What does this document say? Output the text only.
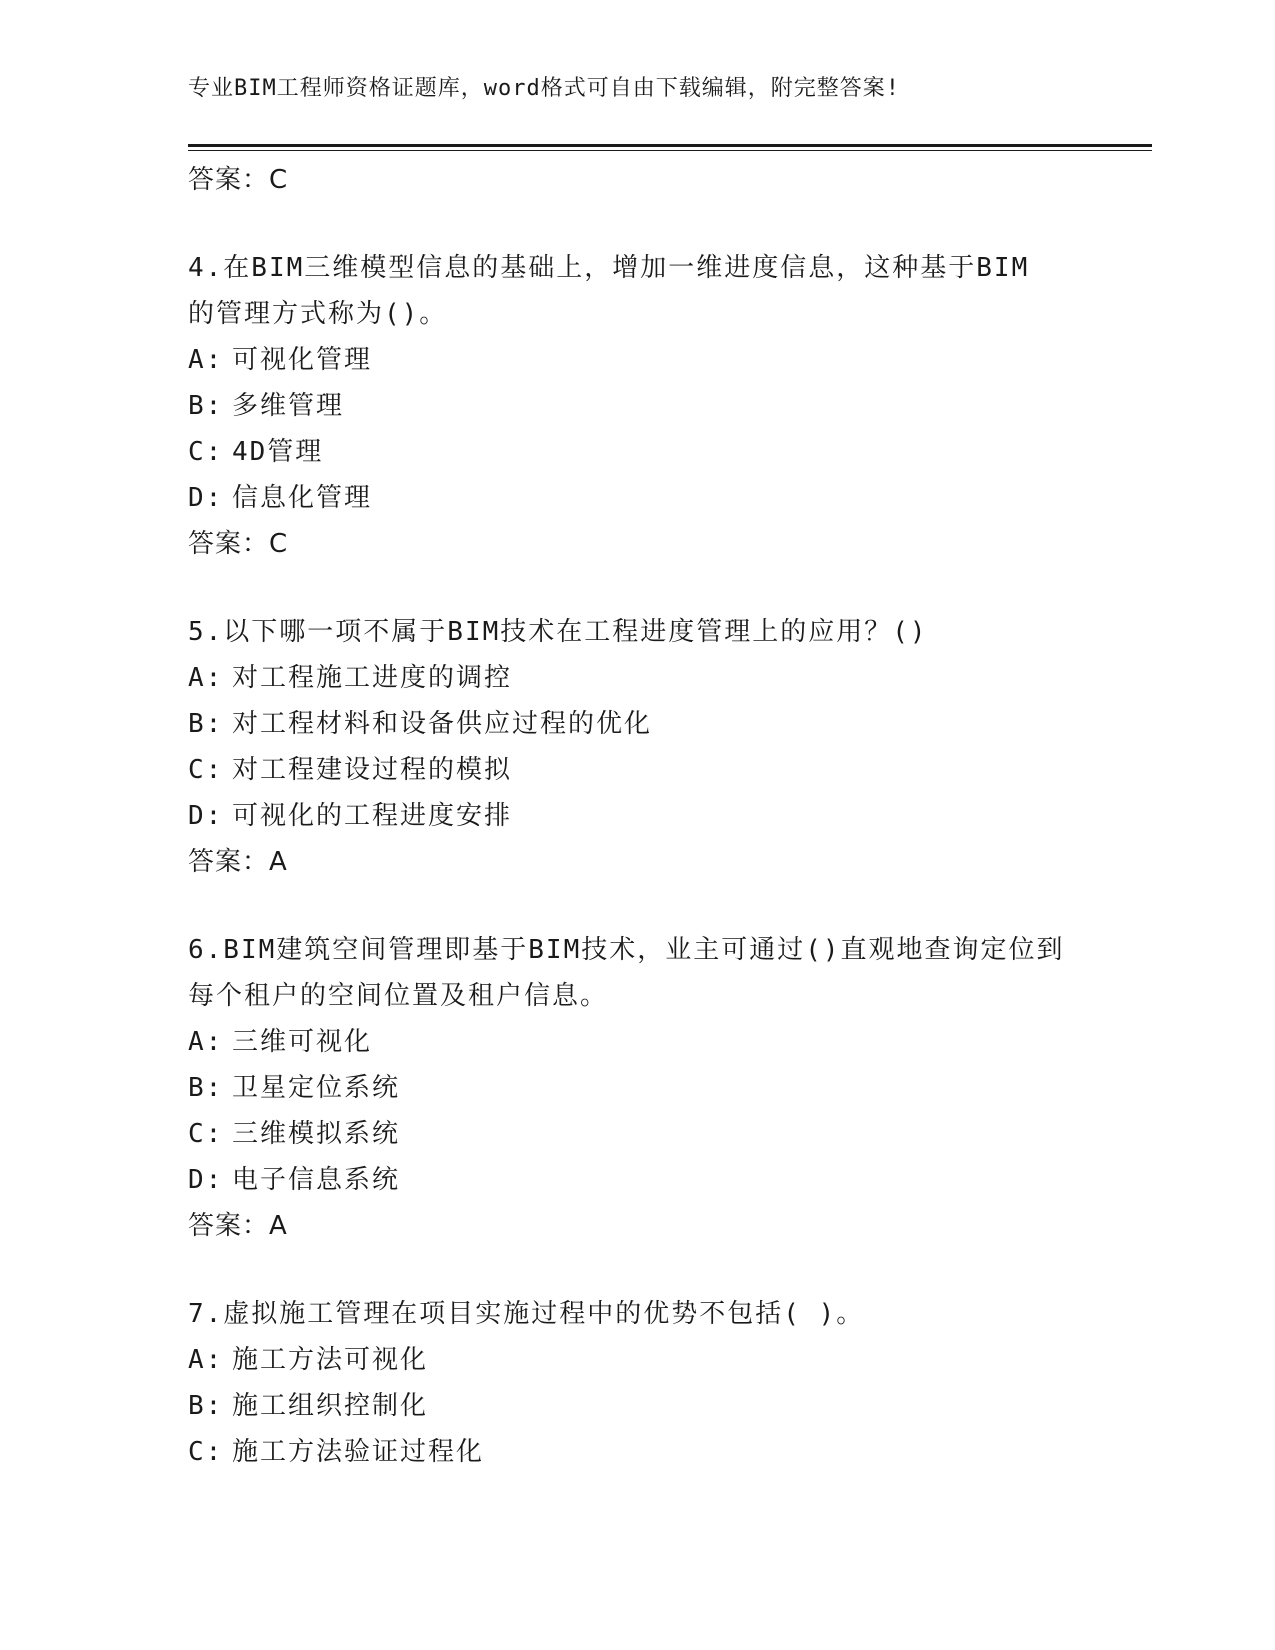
专业BIM工程师资格证题库，word格式可自由下载编辑，附完整答案!
答案：C
4.在BIM三维模型信息的基础上，增加一维进度信息，这种基于BIM
的管理方式称为()。
A: 可视化管理
B: 多维管理
C: 4D管理
D: 信息化管理
答案：C
5.以下哪一项不属于BIM技术在工程进度管理上的应用？()
A: 对工程施工进度的调控
B: 对工程材料和设备供应过程的优化
C: 对工程建设过程的模拟
D: 可视化的工程进度安排
答案：A
6.BIM建筑空间管理即基于BIM技术，业主可通过()直观地查询定位到
每个租户的空间位置及租户信息。
A: 三维可视化
B: 卫星定位系统
C: 三维模拟系统
D: 电子信息系统
答案：A
7.虚拟施工管理在项目实施过程中的优势不包括( )。
A: 施工方法可视化
B: 施工组织控制化
C: 施工方法验证过程化
